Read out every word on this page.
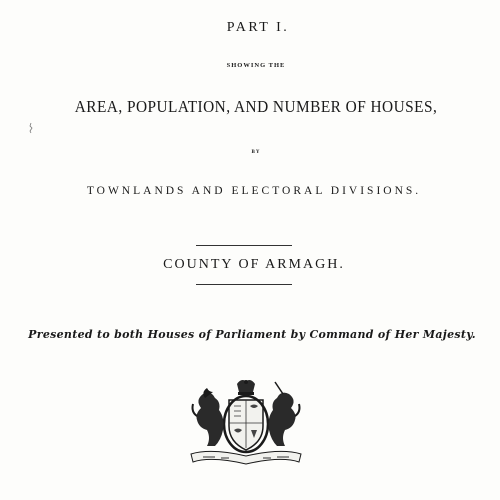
PART I.
SHOWING THE
AREA, POPULATION, AND NUMBER OF HOUSES,
BY
TOWNLANDS AND ELECTORAL DIVISIONS.
COUNTY OF ARMAGH.
Presented to both Houses of Parliament by Command of Her Majesty.
